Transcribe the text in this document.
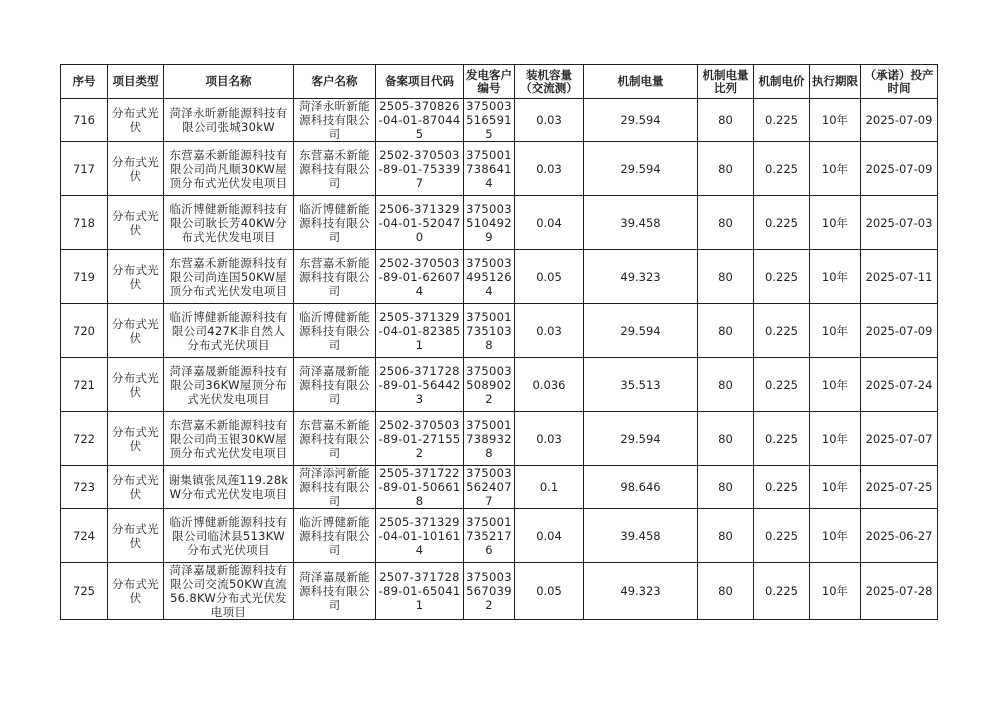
序号	项目类型	项目名称	客户名称	备案项目代码	发电客户编号	装机容量（交流测）	机制电量	机制电量比列	机制电价	执行期限	（承诺）投产时间
716	分布式光伏	菏泽永昕新能源科技有限公司张城30kW	菏泽永昕新能源科技有限公司	2505-370826-04-01-870445	3750035165915	0.03	29.594	80	0.225	10年	2025-07-09
717	分布式光伏	东营嘉禾新能源科技有限公司尚凡顺30KW屋顶分布式光伏发电项目	东营嘉禾新能源科技有限公司	2502-370503-89-01-753397	3750017386414	0.03	29.594	80	0.225	10年	2025-07-09
718	分布式光伏	临沂博健新能源科技有限公司耿长芳40KW分布式光伏发电项目	临沂博健新能源科技有限公司	2506-371329-04-01-520470	3750035104929	0.04	39.458	80	0.225	10年	2025-07-03
719	分布式光伏	东营嘉禾新能源科技有限公司尚连国50KW屋顶分布式光伏发电项目	东营嘉禾新能源科技有限公司	2502-370503-89-01-626074	3750034951264	0.05	49.323	80	0.225	10年	2025-07-11
720	分布式光伏	临沂博健新能源科技有限公司427K非自然人分布式光伏项目	临沂博健新能源科技有限公司	2505-371329-04-01-823851	3750017351038	0.03	29.594	80	0.225	10年	2025-07-09
721	分布式光伏	菏泽嘉晟新能源科技有限公司36KW屋顶分布式光伏发电项目	菏泽嘉晟新能源科技有限公司	2506-371728-89-01-564423	3750035089022	0.036	35.513	80	0.225	10年	2025-07-24
722	分布式光伏	东营嘉禾新能源科技有限公司尚玉银30KW屋顶分布式光伏发电项目	东营嘉禾新能源科技有限公司	2502-370503-89-01-271552	3750017389328	0.03	29.594	80	0.225	10年	2025-07-07
723	分布式光伏	谢集镇张凤莲119.28kW分布式光伏发电项目	菏泽添河新能源科技有限公司	2505-371722-89-01-506618	3750035624077	0.1	98.646	80	0.225	10年	2025-07-25
724	分布式光伏	临沂博健新能源科技有限公司临沭县513KW分布式光伏项目	临沂博健新能源科技有限公司	2505-371329-04-01-101614	3750017352176	0.04	39.458	80	0.225	10年	2025-06-27
725	分布式光伏	菏泽嘉晟新能源科技有限公司交流50KW直流56.8KW分布式光伏发电项目	菏泽嘉晟新能源科技有限公司	2507-371728-89-01-650411	3750035670392	0.05	49.323	80	0.225	10年	2025-07-28
